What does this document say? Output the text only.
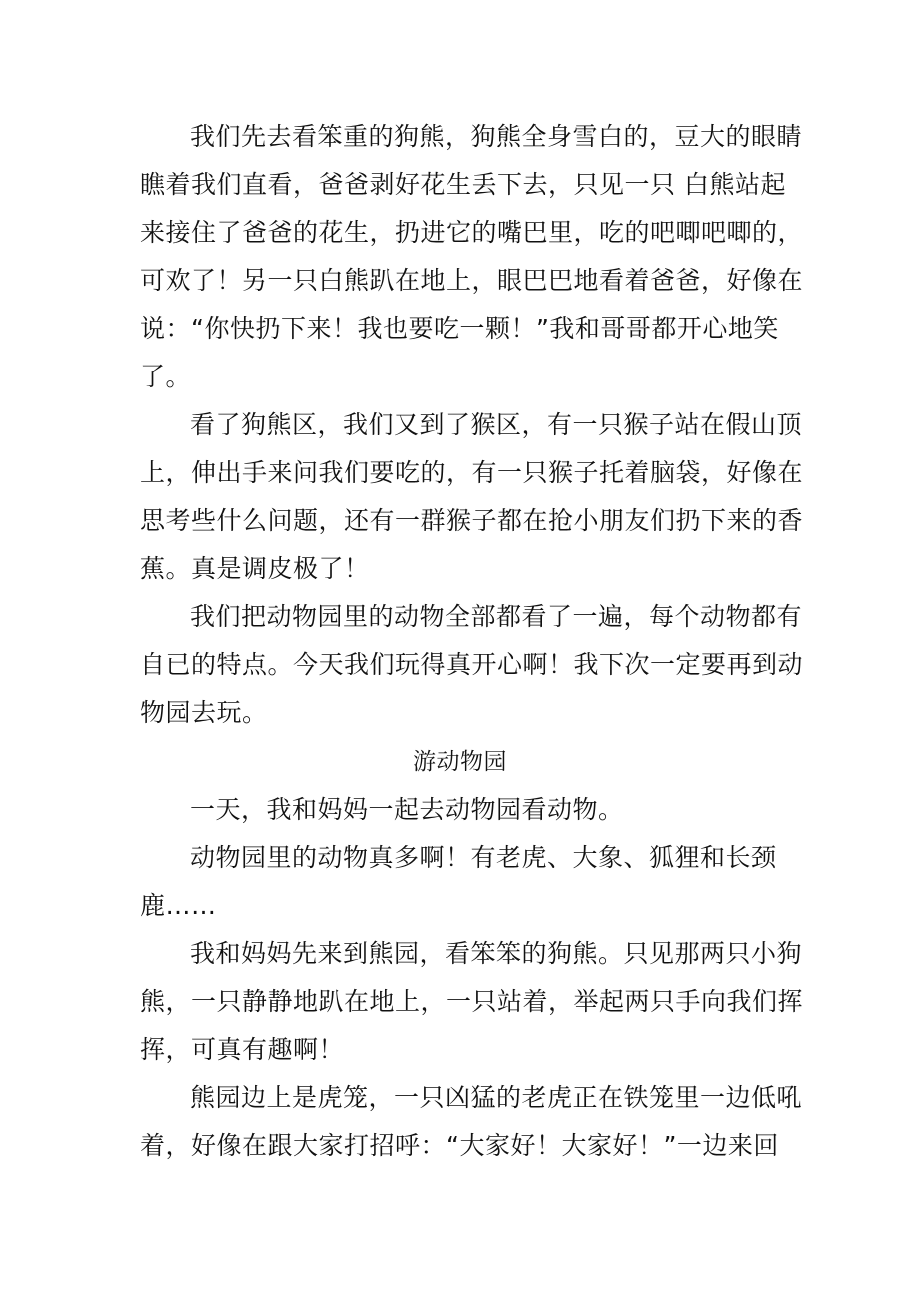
我们先去看笨重的狗熊，狗熊全身雪白的，豆大的眼睛
瞧着我们直看，爸爸剥好花生丢下去，只见一只 白熊站起
来接住了爸爸的花生，扔进它的嘴巴里，吃的吧唧吧唧的，
可欢了！另一只白熊趴在地上，眼巴巴地看着爸爸，好像在
说：“你快扔下来！我也要吃一颗！”我和哥哥都开心地笑
了。
看了狗熊区，我们又到了猴区，有一只猴子站在假山顶
上，伸出手来问我们要吃的，有一只猴子托着脑袋，好像在
思考些什么问题，还有一群猴子都在抢小朋友们扔下来的香
蕉。真是调皮极了！
我们把动物园里的动物全部都看了一遍，每个动物都有
自已的特点。今天我们玩得真开心啊！我下次一定要再到动
物园去玩。
游动物园
一天，我和妈妈一起去动物园看动物。
动物园里的动物真多啊！有老虎、大象、狐狸和长颈
鹿……
我和妈妈先来到熊园，看笨笨的狗熊。只见那两只小狗
熊，一只静静地趴在地上，一只站着，举起两只手向我们挥
挥，可真有趣啊！
熊园边上是虎笼，一只凶猛的老虎正在铁笼里一边低吼
着，好像在跟大家打招呼：“大家好！大家好！”一边来回
